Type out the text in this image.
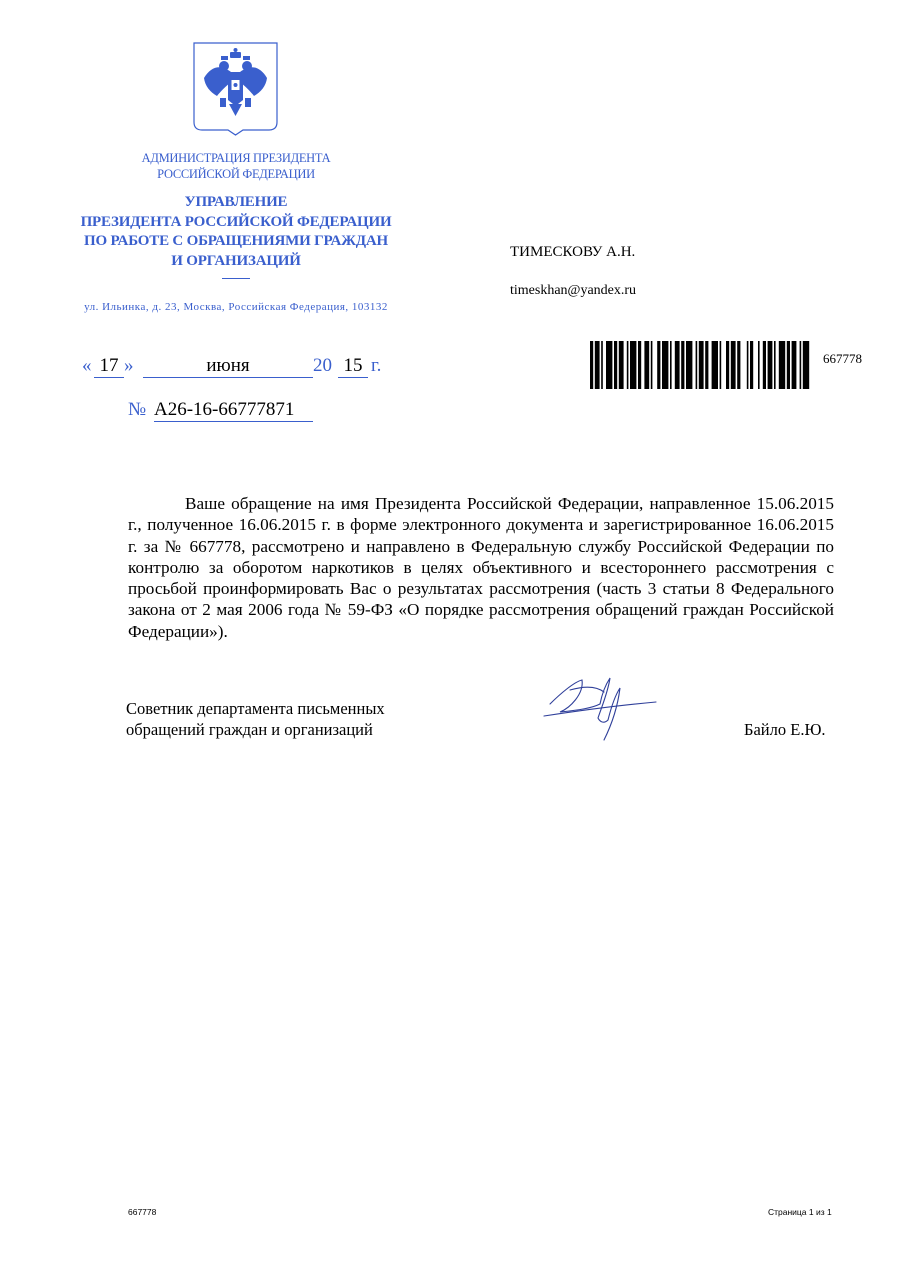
АДМИНИСТРАЦИЯ ПРЕЗИДЕНТА
РОССИЙСКОЙ ФЕДЕРАЦИИ
УПРАВЛЕНИЕ
ПРЕЗИДЕНТА РОССИЙСКОЙ ФЕДЕРАЦИИ
ПО РАБОТЕ С ОБРАЩЕНИЯМИ ГРАЖДАН
И ОРГАНИЗАЦИЙ
ул. Ильинка, д. 23, Москва, Российская Федерация, 103132
ТИМЕСКОВУ А.Н.
timeskhan@yandex.ru
« 17 »	июня	20 15 г.
№ А26-16-66777871
667778

Ваше обращение на имя Президента Российской Федерации, направленное 15.06.2015 г., полученное 16.06.2015 г. в форме электронного документа и зарегистрированное 16.06.2015 г. за № 667778, рассмотрено и направлено в Федеральную службу Российской Федерации по контролю за оборотом наркотиков в целях объективного и всестороннего рассмотрения с просьбой проинформировать Вас о результатах рассмотрения (часть 3 статьи 8 Федерального закона от 2 мая 2006 года № 59-ФЗ «О порядке рассмотрения обращений граждан Российской Федерации»).

Советник департамента письменных
обращений граждан и организаций	Байло Е.Ю.
667778	Страница 1 из 1
